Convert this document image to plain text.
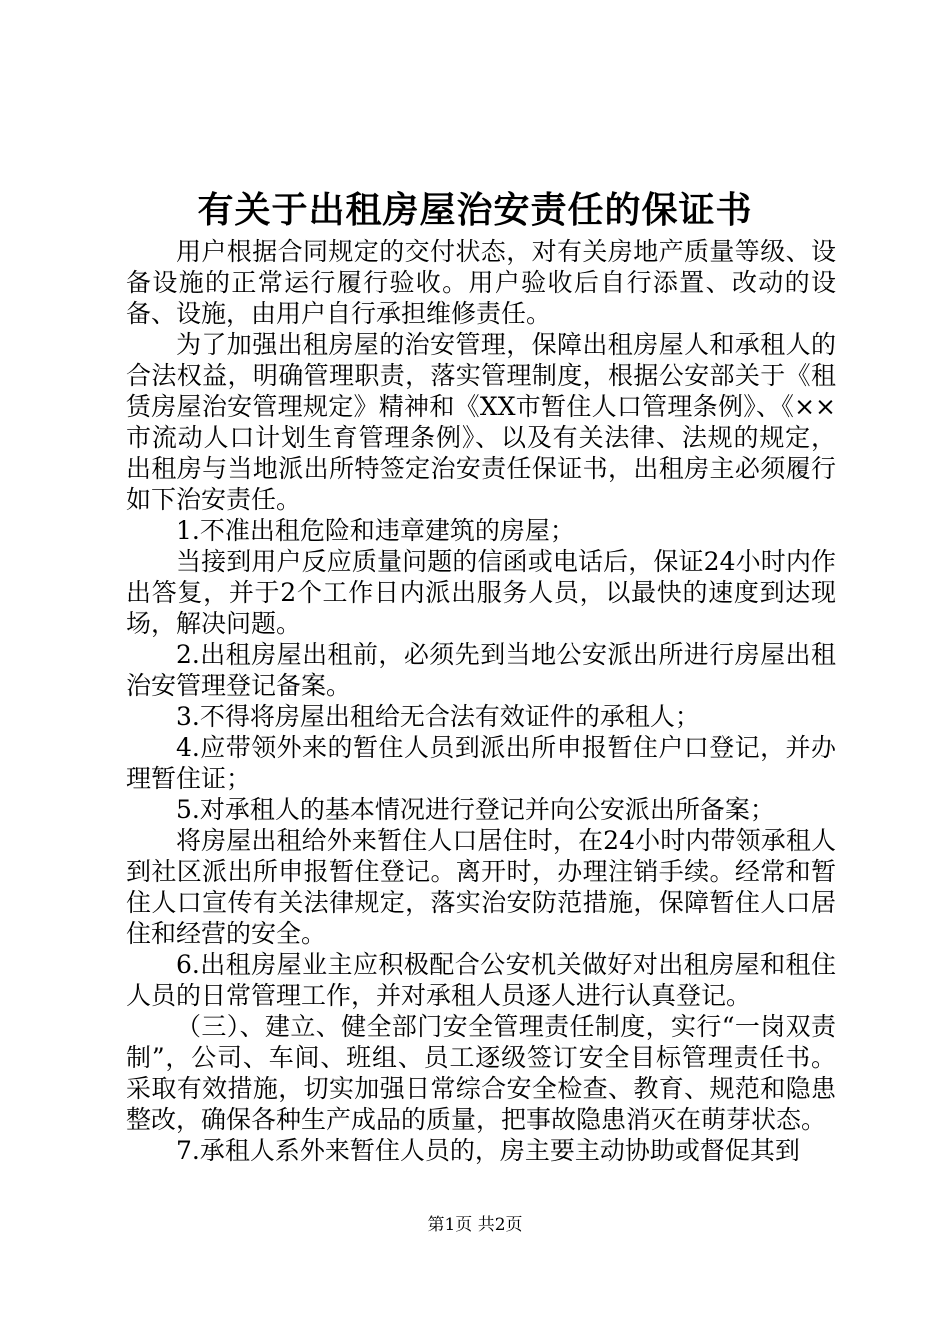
有关于出租房屋治安责任的保证书

用户根据合同规定的交付状态，对有关房地产质量等级、设备设施的正常运行履行验收。用户验收后自行添置、改动的设备、设施，由用户自行承担维修责任。

为了加强出租房屋的治安管理，保障出租房屋人和承租人的合法权益，明确管理职责，落实管理制度，根据公安部关于《租赁房屋治安管理规定》精神和《XX市暂住人口管理条例》、《××市流动人口计划生育管理条例》、以及有关法律、法规的规定，出租房与当地派出所特签定治安责任保证书，出租房主必须履行如下治安责任。

1.不准出租危险和违章建筑的房屋；

当接到用户反应质量问题的信函或电话后，保证24小时内作出答复，并于2个工作日内派出服务人员，以最快的速度到达现场，解决问题。

2.出租房屋出租前，必须先到当地公安派出所进行房屋出租治安管理登记备案。

3.不得将房屋出租给无合法有效证件的承租人；

4.应带领外来的暂住人员到派出所申报暂住户口登记，并办理暂住证；

5.对承租人的基本情况进行登记并向公安派出所备案；

将房屋出租给外来暂住人口居住时，在24小时内带领承租人到社区派出所申报暂住登记。离开时，办理注销手续。经常和暂住人口宣传有关法律规定，落实治安防范措施，保障暂住人口居住和经营的安全。

6.出租房屋业主应积极配合公安机关做好对出租房屋和租住人员的日常管理工作，并对承租人员逐人进行认真登记。

（三）、建立、健全部门安全管理责任制度，实行“一岗双责制”，公司、车间、班组、员工逐级签订安全目标管理责任书。采取有效措施，切实加强日常综合安全检查、教育、规范和隐患整改，确保各种生产成品的质量，把事故隐患消灭在萌芽状态。

7.承租人系外来暂住人员的，房主要主动协助或督促其到

第1页 共2页
